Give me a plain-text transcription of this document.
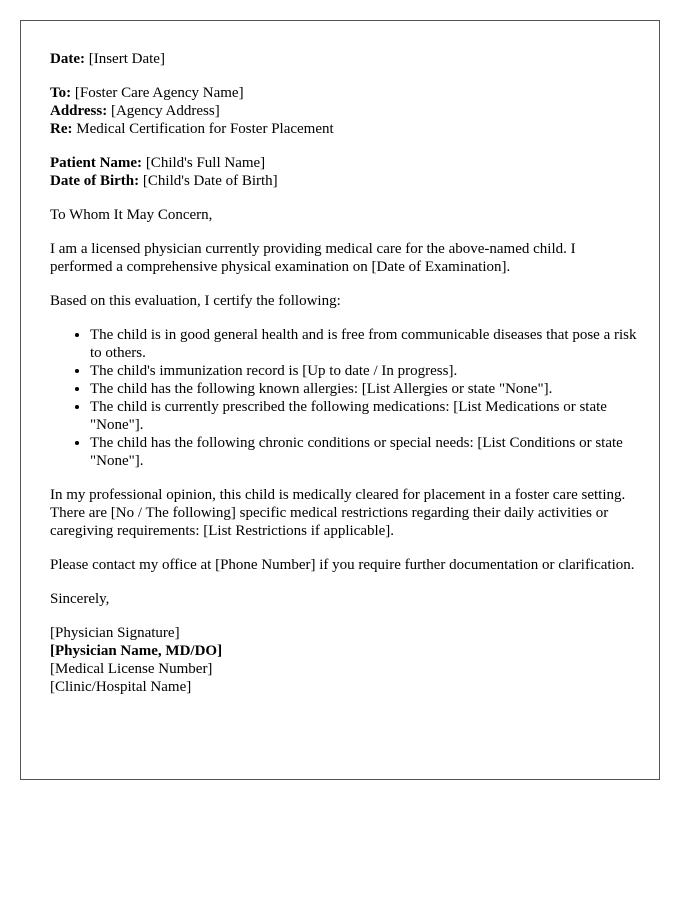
Date: [Insert Date]
To: [Foster Care Agency Name]
Address: [Agency Address]
Re: Medical Certification for Foster Placement
Patient Name: [Child's Full Name]
Date of Birth: [Child's Date of Birth]

To Whom It May Concern,

I am a licensed physician currently providing medical care for the above-named child. I performed a comprehensive physical examination on [Date of Examination].

Based on this evaluation, I certify the following:

• The child is in good general health and is free from communicable diseases that pose a risk to others.
• The child's immunization record is [Up to date / In progress].
• The child has the following known allergies: [List Allergies or state "None"].
• The child is currently prescribed the following medications: [List Medications or state "None"].
• The child has the following chronic conditions or special needs: [List Conditions or state "None"].

In my professional opinion, this child is medically cleared for placement in a foster care setting. There are [No / The following] specific medical restrictions regarding their daily activities or caregiving requirements: [List Restrictions if applicable].

Please contact my office at [Phone Number] if you require further documentation or clarification.

Sincerely,

[Physician Signature]
[Physician Name, MD/DO]
[Medical License Number]
[Clinic/Hospital Name]
